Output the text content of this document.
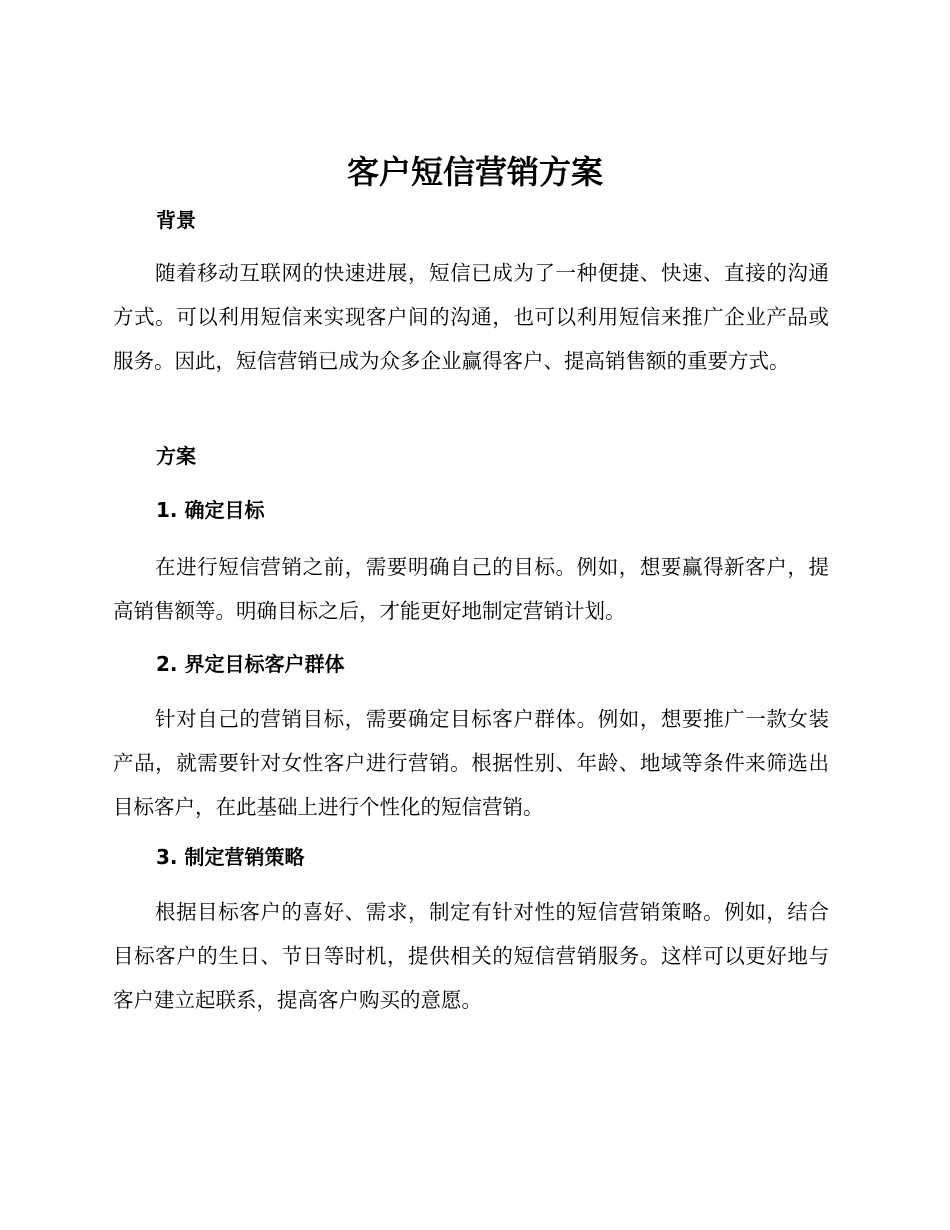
客户短信营销方案
背景

随着移动互联网的快速进展，短信已成为了一种便捷、快速、直接的沟通方式。可以利用短信来实现客户间的沟通，也可以利用短信来推广企业产品或服务。因此，短信营销已成为众多企业赢得客户、提高销售额的重要方式。

方案
1. 确定目标

在进行短信营销之前，需要明确自己的目标。例如，想要赢得新客户，提高销售额等。明确目标之后，才能更好地制定营销计划。

2. 界定目标客户群体

针对自己的营销目标，需要确定目标客户群体。例如，想要推广一款女装产品，就需要针对女性客户进行营销。根据性别、年龄、地域等条件来筛选出目标客户，在此基础上进行个性化的短信营销。

3. 制定营销策略

根据目标客户的喜好、需求，制定有针对性的短信营销策略。例如，结合目标客户的生日、节日等时机，提供相关的短信营销服务。这样可以更好地与客户建立起联系，提高客户购买的意愿。
